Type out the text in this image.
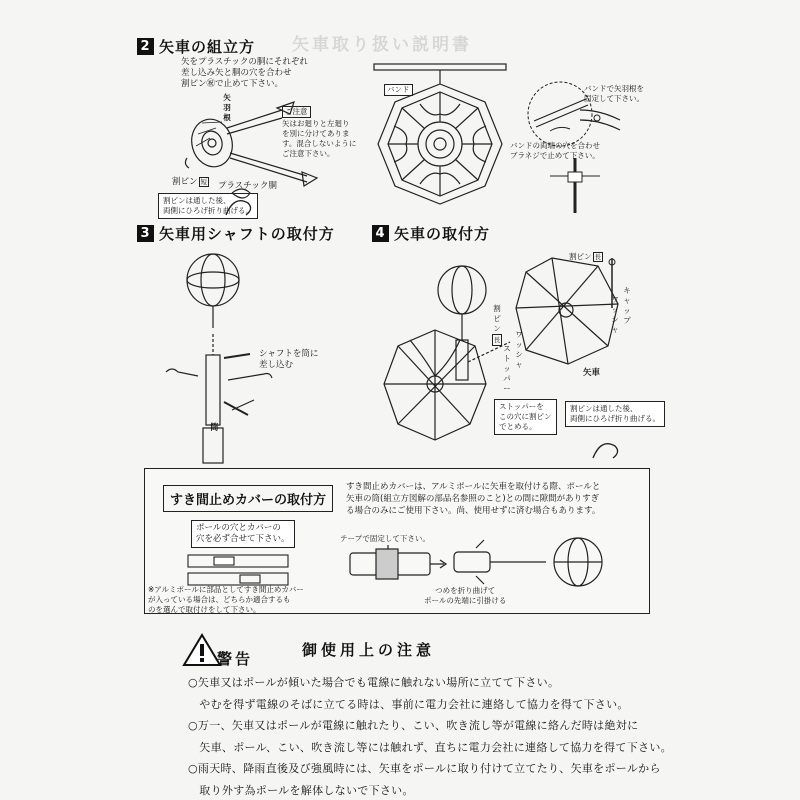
矢車取り扱い説明書
2 矢車の組立方
矢をプラスチックの胴にそれぞれ
差し込み矢と胴の穴を合わせ
割ピン㊗で止めて下さい。
矢
羽
根
ご注意
矢はお廻りと左廻り
を別に分けてありま
す。混合しないように
ご注意下さい。
割ピン 短 プラスチック胴
割ピンは通した後、
両側にひろげ折り曲げる。
バンド	バンドで矢羽根を
固定して下さい。
バンドの両端の穴を合わせ
ブラネジで止めて下さい。
3 矢車用シャフトの取付方
シャフトを筒に
差し込む
筒
4 矢車の取付方
割ピン 長
キ
ャ
ッ
プ
ワ
ッ
シ
ャ
割
ピ
ン
長
ワ
ッ
シ
ャ
ス
ト
ッ
パ
ー
矢車
ストッパーを
この穴に割ピン
でとめる。
割ピンは通した後、
両側にひろげ折り曲げる。
すき間止めカバーの取付方
すき間止めカバーは、アルミポールに矢車を取付ける際、ポールと
矢車の筒(組立方図解の部品名参照のこと)との間に隙間がありすぎ
る場合のみにご使用下さい。尚、使用せずに済む場合もあります。
ポールの穴とカバーの
穴を必ず合せて下さい。
※アルミポールに部品としてすき間止めカバー
が入っている場合は、どちらか適合するも
のを選んで取付けをして下さい。
テープで固定して下さい。
つめを折り曲げて
ポールの先端に引掛ける
警告	御使用上の注意
○矢車又はポールが傾いた場合でも電線に触れない場所に立てて下さい。
　やむを得ず電線のそばに立てる時は、事前に電力会社に連絡して協力を得て下さい。
○万一、矢車又はポールが電線に触れたり、こい、吹き流し等が電線に絡んだ時は絶対に
　矢車、ポール、こい、吹き流し等には触れず、直ちに電力会社に連絡して協力を得て下さい。
○雨天時、降雨直後及び強風時には、矢車をポールに取り付けて立てたり、矢車をポールから
　取り外す為ポールを解体しないで下さい。
